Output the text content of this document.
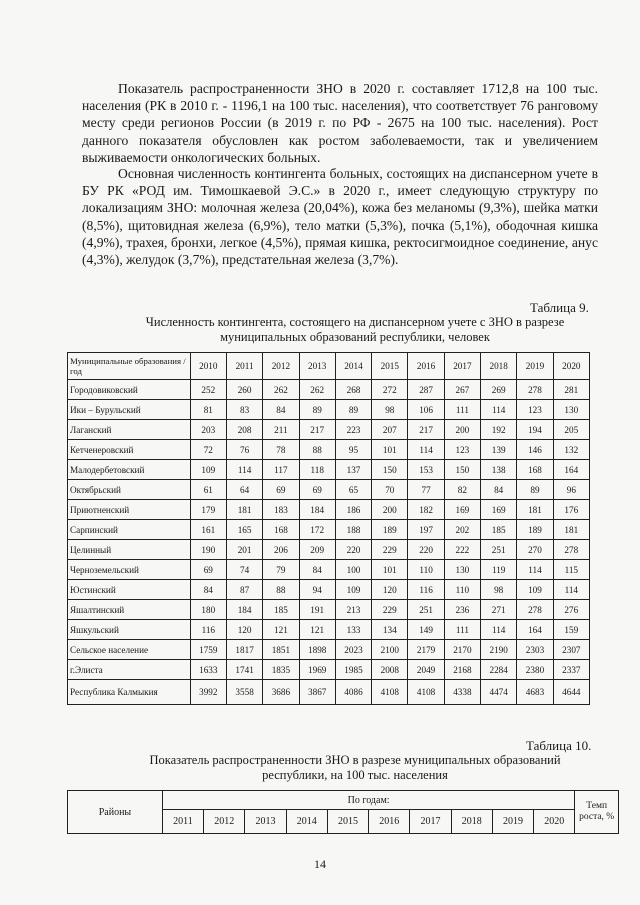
Показатель распространенности ЗНО в 2020 г. составляет 1712,8 на 100 тыс. населения (РК в 2010 г. - 1196,1 на 100 тыс. населения), что соответствует 76 ранговому месту среди регионов России (в 2019 г. по РФ - 2675 на 100 тыс. населения). Рост данного показателя обусловлен как ростом заболеваемости, так и увеличением выживаемости онкологических больных.

Основная численность контингента больных, состоящих на диспансерном учете в БУ РК «РОД им. Тимошкаевой Э.С.» в 2020 г., имеет следующую структуру по локализациям ЗНО: молочная железа (20,04%), кожа без меланомы (9,3%), шейка матки (8,5%), щитовидная железа (6,9%), тело матки (5,3%), почка (5,1%), ободочная кишка (4,9%), трахея, бронхи, легкое (4,5%), прямая кишка, ректосигмоидное соединение, анус (4,3%), желудок (3,7%), предстательная железа (3,7%).

Таблица 9.

Численность контингента, состоящего на диспансерном учете с ЗНО в разрезе муниципальных образований республики, человек

Муниципальные образования / год	2010	2011	2012	2013	2014	2015	2016	2017	2018	2019	2020
Городовиковский	252	260	262	262	268	272	287	267	269	278	281
Ики – Бурульский	81	83	84	89	89	98	106	111	114	123	130
Лаганский	203	208	211	217	223	207	217	200	192	194	205
Кетченеровский	72	76	78	88	95	101	114	123	139	146	132
Малодербетовский	109	114	117	118	137	150	153	150	138	168	164
Октябрьский	61	64	69	69	65	70	77	82	84	89	96
Приютненский	179	181	183	184	186	200	182	169	169	181	176
Сарпинский	161	165	168	172	188	189	197	202	185	189	181
Целинный	190	201	206	209	220	229	220	222	251	270	278
Черноземельский	69	74	79	84	100	101	110	130	119	114	115
Юстинский	84	87	88	94	109	120	116	110	98	109	114
Яшалтинский	180	184	185	191	213	229	251	236	271	278	276
Яшкульский	116	120	121	121	133	134	149	111	114	164	159
Сельское население	1759	1817	1851	1898	2023	2100	2179	2170	2190	2303	2307
г.Элиста	1633	1741	1835	1969	1985	2008	2049	2168	2284	2380	2337
Республика Калмыкия	3992	3558	3686	3867	4086	4108	4108	4338	4474	4683	4644
Таблица 10.

Показатель распространенности ЗНО в разрезе муниципальных образований республики, на 100 тыс. населения

Районы	По годам:										Темп роста, %
	2011	2012	2013	2014	2015	2016	2017	2018	2019	2020	
14
